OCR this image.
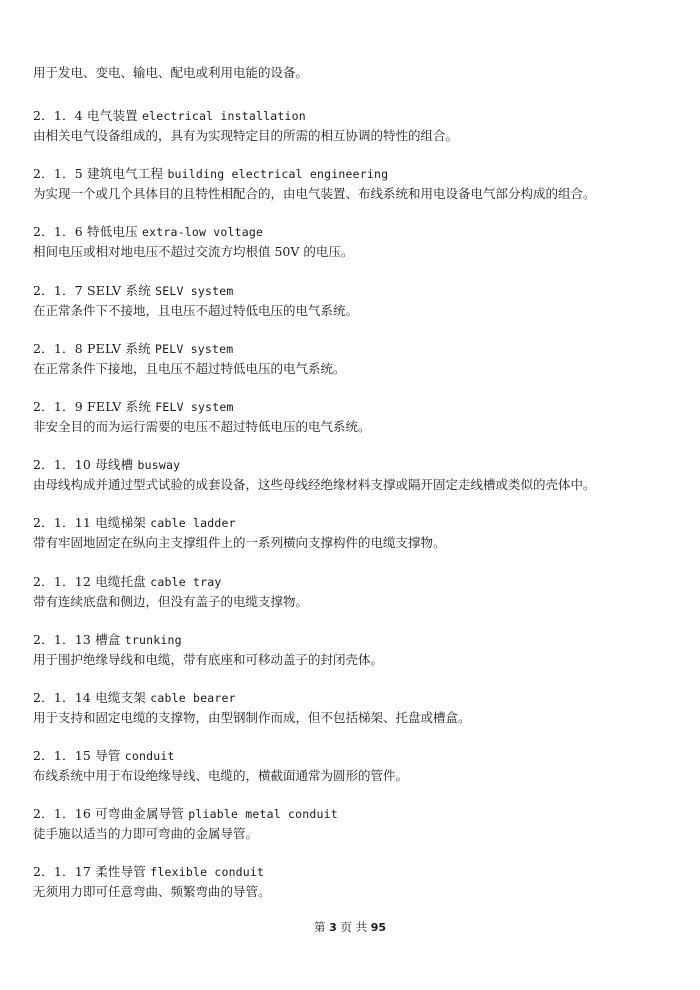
用于发电、变电、输电、配电或利用电能的设备。
2．1．4 电气装置 electrical installation
由相关电气设备组成的，具有为实现特定目的所需的相互协调的特性的组合。
2．1．5 建筑电气工程 building electrical engineering
为实现一个或几个具体目的且特性相配合的，由电气装置、布线系统和用电设备电气部分构成的组合。
2．1．6 特低电压 extra-low voltage
相间电压或相对地电压不超过交流方均根值 50V 的电压。
2．1．7 SELV 系统 SELV system
在正常条件下不接地，且电压不超过特低电压的电气系统。
2．1．8 PELV 系统 PELV system
在正常条件下接地，且电压不超过特低电压的电气系统。
2．1．9 FELV 系统 FELV system
非安全目的而为运行需要的电压不超过特低电压的电气系统。
2．1．10 母线槽 busway
由母线构成并通过型式试验的成套设备，这些母线经绝缘材料支撑或隔开固定走线槽或类似的壳体中。
2．1．11 电缆梯架 cable ladder
带有牢固地固定在纵向主支撑组件上的一系列横向支撑构件的电缆支撑物。
2．1．12 电缆托盘 cable tray
带有连续底盘和侧边，但没有盖子的电缆支撑物。
2．1．13 槽盒 trunking
用于围护绝缘导线和电缆，带有底座和可移动盖子的封闭壳体。
2．1．14 电缆支架 cable bearer
用于支持和固定电缆的支撑物，由型钢制作而成，但不包括梯架、托盘或槽盒。
2．1．15 导管 conduit
布线系统中用于布设绝缘导线、电缆的，横截面通常为圆形的管件。
2．1．16 可弯曲金属导管 pliable metal conduit
徒手施以适当的力即可弯曲的金属导管。
2．1．17 柔性导管 flexible conduit
无须用力即可任意弯曲、频繁弯曲的导管。
第 3 页 共 95
